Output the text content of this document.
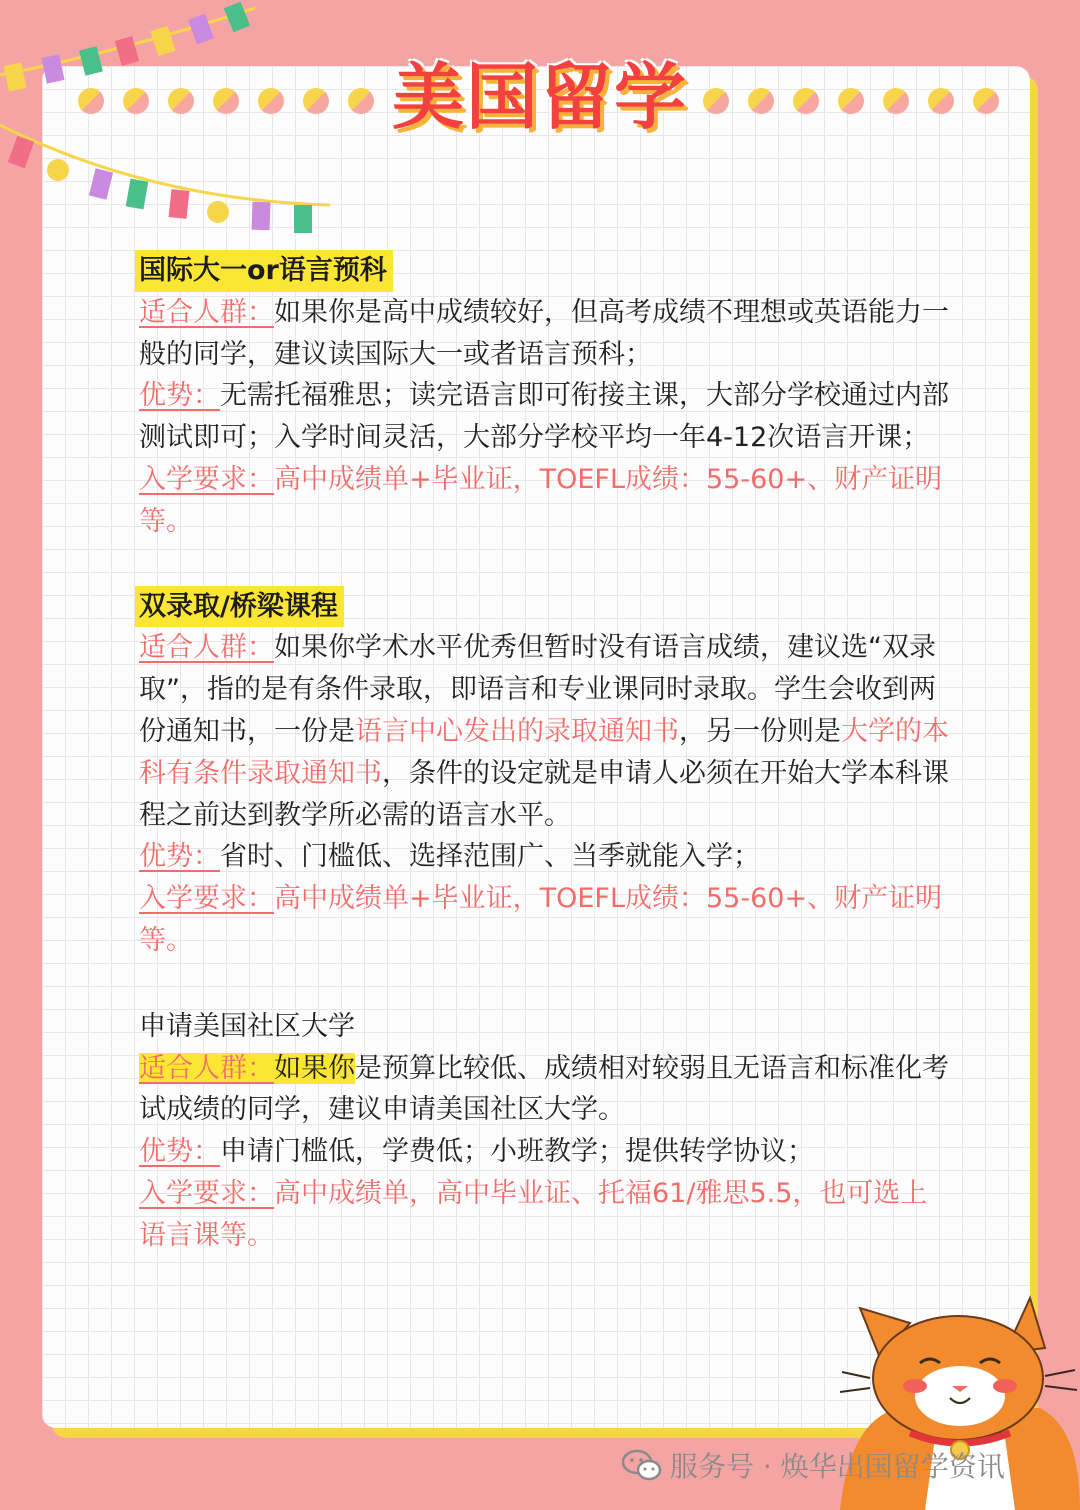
美国留学
国际大一or语言预科
适合人群：如果你是高中成绩较好，但高考成绩不理想或英语能力一般的同学，建议读国际大一或者语言预科；
优势：无需托福雅思；读完语言即可衔接主课，大部分学校通过内部测试即可；入学时间灵活，大部分学校平均一年4-12次语言开课；
入学要求：高中成绩单+毕业证，TOEFL成绩：55-60+、财产证明等。
双录取/桥梁课程
适合人群：如果你学术水平优秀但暂时没有语言成绩，建议选“双录取”，指的是有条件录取，即语言和专业课同时录取。学生会收到两份通知书，一份是语言中心发出的录取通知书，另一份则是大学的本科有条件录取通知书，条件的设定就是申请人必须在开始大学本科课程之前达到教学所必需的语言水平。
优势：省时、门槛低、选择范围广、当季就能入学；
入学要求：高中成绩单+毕业证，TOEFL成绩：55-60+、财产证明等。
申请美国社区大学
适合人群：如果你是预算比较低、成绩相对较弱且无语言和标准化考试成绩的同学，建议申请美国社区大学。
优势：申请门槛低，学费低；小班教学；提供转学协议；
入学要求：高中成绩单，高中毕业证、托福61/雅思5.5，也可选上语言课等。
服务号 · 焕华出国留学资讯
